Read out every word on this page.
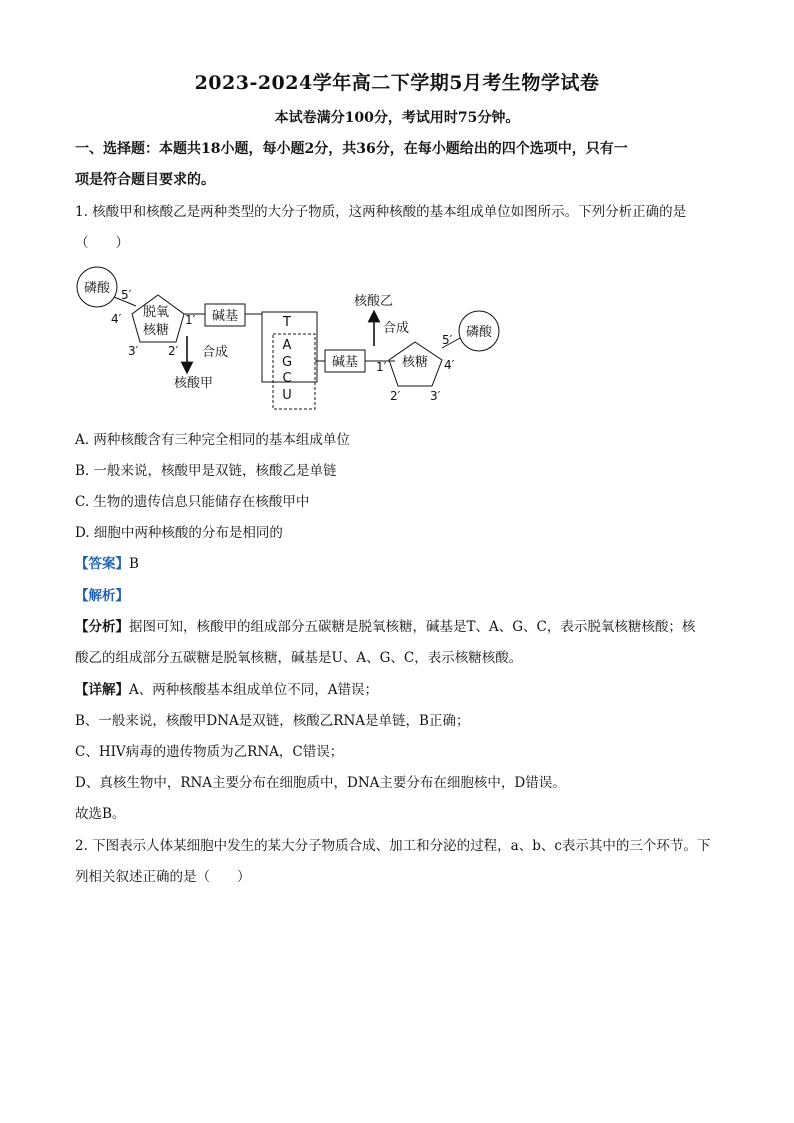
2023-2024学年高二下学期5月考生物学试卷
本试卷满分100分，考试用时75分钟。
一、选择题：本题共18小题，每小题2分，共36分，在每小题给出的四个选项中，只有一
项是符合题目要求的。
1. 核酸甲和核酸乙是两种类型的大分子物质，这两种核酸的基本组成单位如图所示。下列分析正确的是
（　　）
磷酸 5′
脱氧
核糖
4′
3′ 2′
1′ 碱基
合成
核酸甲
T
A
G
C
U
碱基	核糖
1′	4′
2′ 3′
5′ 磷酸
合成
核酸乙
A. 两种核酸含有三种完全相同的基本组成单位
B. 一般来说，核酸甲是双链，核酸乙是单链
C. 生物的遗传信息只能储存在核酸甲中
D. 细胞中两种核酸的分布是相同的
【答案】B
【解析】
【分析】据图可知，核酸甲的组成部分五碳糖是脱氧核糖，碱基是T、A、G、C，表示脱氧核糖核酸；核
酸乙的组成部分五碳糖是脱氧核糖，碱基是U、A、G、C，表示核糖核酸。
【详解】A、两种核酸基本组成单位不同，A错误；
B、一般来说，核酸甲DNA是双链，核酸乙RNA是单链，B正确；
C、HIV病毒的遗传物质为乙RNA，C错误；
D、真核生物中，RNA主要分布在细胞质中，DNA主要分布在细胞核中，D错误。
故选B。
2. 下图表示人体某细胞中发生的某大分子物质合成、加工和分泌的过程，a、b、c表示其中的三个环节。下
列相关叙述正确的是（　　）
